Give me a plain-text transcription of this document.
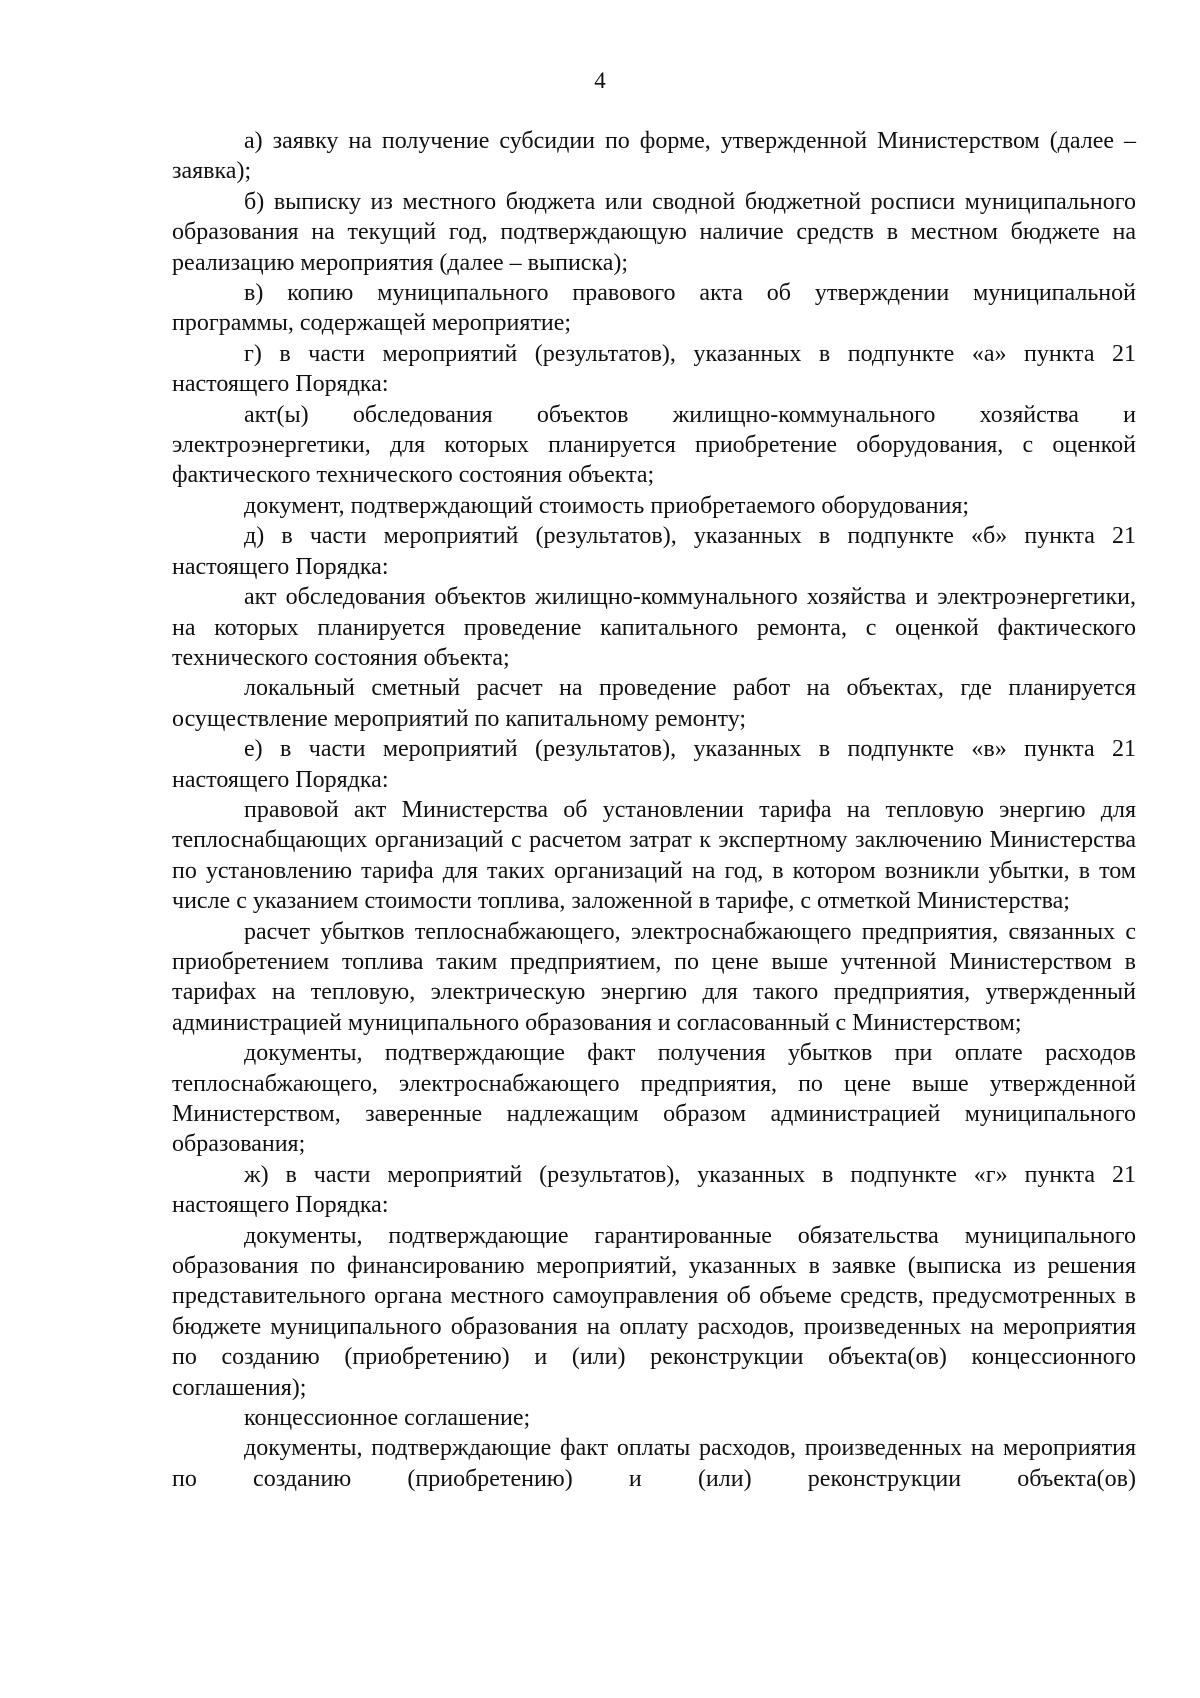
4

а) заявку на получение субсидии по форме, утвержденной Министерством (далее – заявка);

б) выписку из местного бюджета или сводной бюджетной росписи муниципального образования на текущий год, подтверждающую наличие средств в местном бюджете на реализацию мероприятия (далее – выписка);

в) копию муниципального правового акта об утверждении муниципальной программы, содержащей мероприятие;

г) в части мероприятий (результатов), указанных в подпункте «а» пункта 21 настоящего Порядка:

акт(ы) обследования объектов жилищно-коммунального хозяйства и электроэнергетики, для которых планируется приобретение оборудования, с оценкой фактического технического состояния объекта;

документ, подтверждающий стоимость приобретаемого оборудования;

д) в части мероприятий (результатов), указанных в подпункте «б» пункта 21 настоящего Порядка:

акт обследования объектов жилищно-коммунального хозяйства и электроэнергетики, на которых планируется проведение капитального ремонта, с оценкой фактического технического состояния объекта;

локальный сметный расчет на проведение работ на объектах, где планируется осуществление мероприятий по капитальному ремонту;

е) в части мероприятий (результатов), указанных в подпункте «в» пункта 21 настоящего Порядка:

правовой акт Министерства об установлении тарифа на тепловую энергию для теплоснабщающих организаций с расчетом затрат к экспертному заключению Министерства по установлению тарифа для таких организаций на год, в котором возникли убытки, в том числе с указанием стоимости топлива, заложенной в тарифе, с отметкой Министерства;

расчет убытков теплоснабжающего, электроснабжающего предприятия, связанных с приобретением топлива таким предприятием, по цене выше учтенной Министерством в тарифах на тепловую, электрическую энергию для такого предприятия, утвержденный администрацией муниципального образования и согласованный с Министерством;

документы, подтверждающие факт получения убытков при оплате расходов теплоснабжающего, электроснабжающего предприятия, по цене выше утвержденной Министерством, заверенные надлежащим образом администрацией муниципального образования;

ж) в части мероприятий (результатов), указанных в подпункте «г» пункта 21 настоящего Порядка:

документы, подтверждающие гарантированные обязательства муниципального образования по финансированию мероприятий, указанных в заявке (выписка из решения представительного органа местного самоуправления об объеме средств, предусмотренных в бюджете муниципального образования на оплату расходов, произведенных на мероприятия по созданию (приобретению) и (или) реконструкции объекта(ов) концессионного соглашения);

концессионное соглашение;

документы, подтверждающие факт оплаты расходов, произведенных на мероприятия по созданию (приобретению) и (или) реконструкции объекта(ов)
